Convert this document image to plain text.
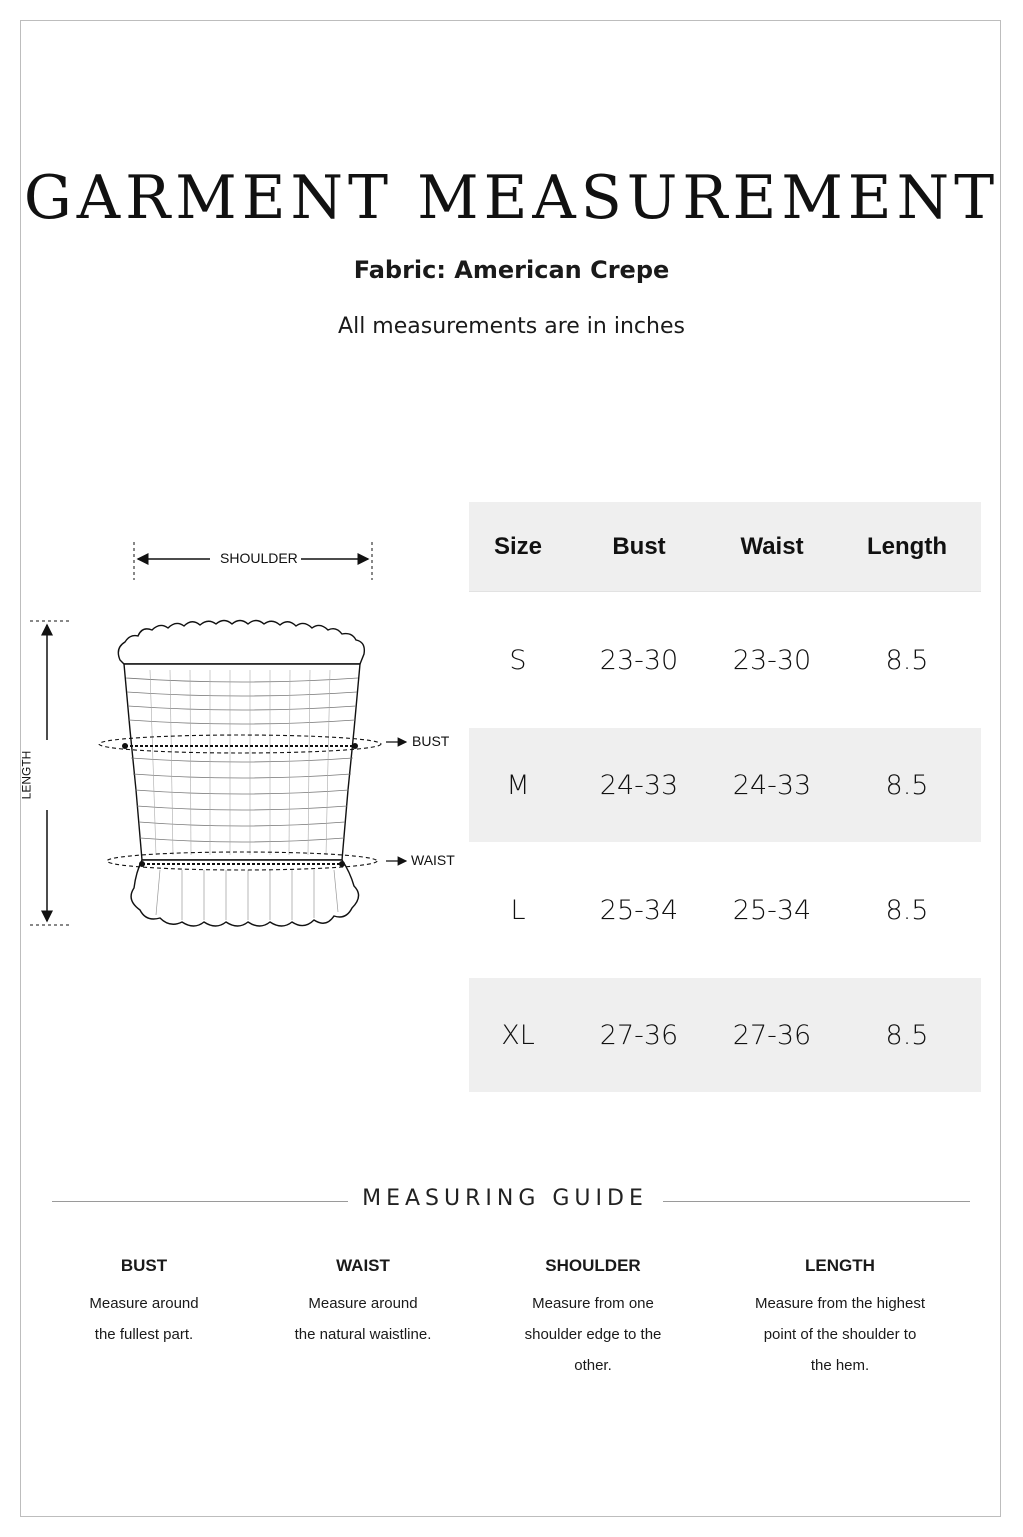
GARMENT MEASUREMENT
Fabric: American Crepe
All measurements are in inches
SHOULDER
BUST
WAIST
LENGTH
Size	Bust	Waist	Length
S	23-30	23-30	8.5
M	24-33	24-33	8.5
L	25-34	25-34	8.5
XL	27-36	27-36	8.5
MEASURING GUIDE
BUST
Measure around
the fullest part.
WAIST
Measure around
the natural waistline.
SHOULDER
Measure from one
shoulder edge to the
other.
LENGTH
Measure from the highest
point of the shoulder to
the hem.
